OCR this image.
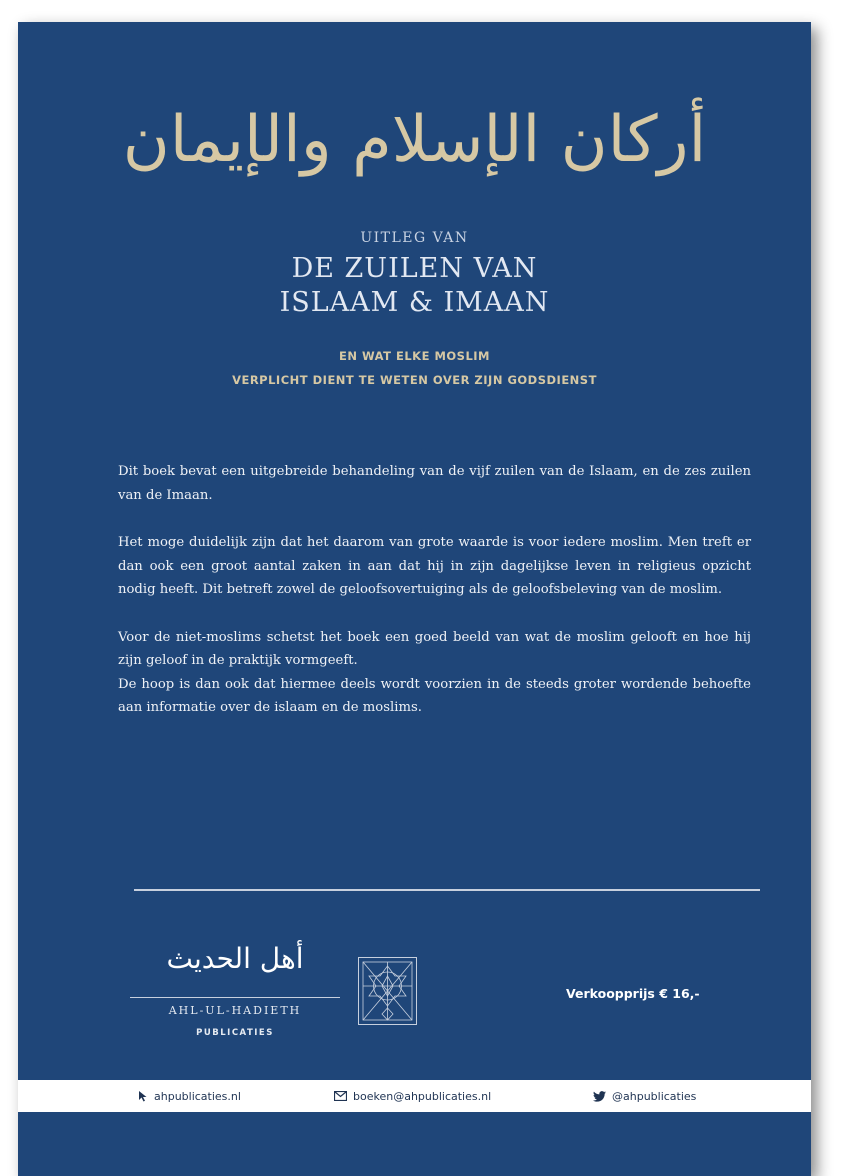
أركان الإسلام والإيمان
UITLEG VAN
DE ZUILEN VAN
ISLAAM & IMAAN
EN WAT ELKE MOSLIM
VERPLICHT DIENT TE WETEN OVER ZIJN GODSDIENST

Dit boek bevat een uitgebreide behandeling van de vijf zuilen van de Islaam, en de zes zuilen van de Imaan.

Het moge duidelijk zijn dat het daarom van grote waarde is voor iedere moslim. Men treft er dan ook een groot aantal zaken in aan dat hij in zijn dagelijkse leven in religieus opzicht nodig heeft. Dit betreft zowel de geloofsovertuiging als de geloofsbeleving van de moslim.

Voor de niet-moslims schetst het boek een goed beeld van wat de moslim gelooft en hoe hij zijn geloof in de praktijk vormgeeft.

De hoop is dan ook dat hiermee deels wordt voorzien in de steeds groter wordende behoefte aan informatie over de islaam en de moslims.

أهل الحديث
AHL-UL-HADIETH
PUBLICATIES
Verkoopprijs € 16,-
ahpublicaties.nl	boeken@ahpublicaties.nl	@ahpublicaties
